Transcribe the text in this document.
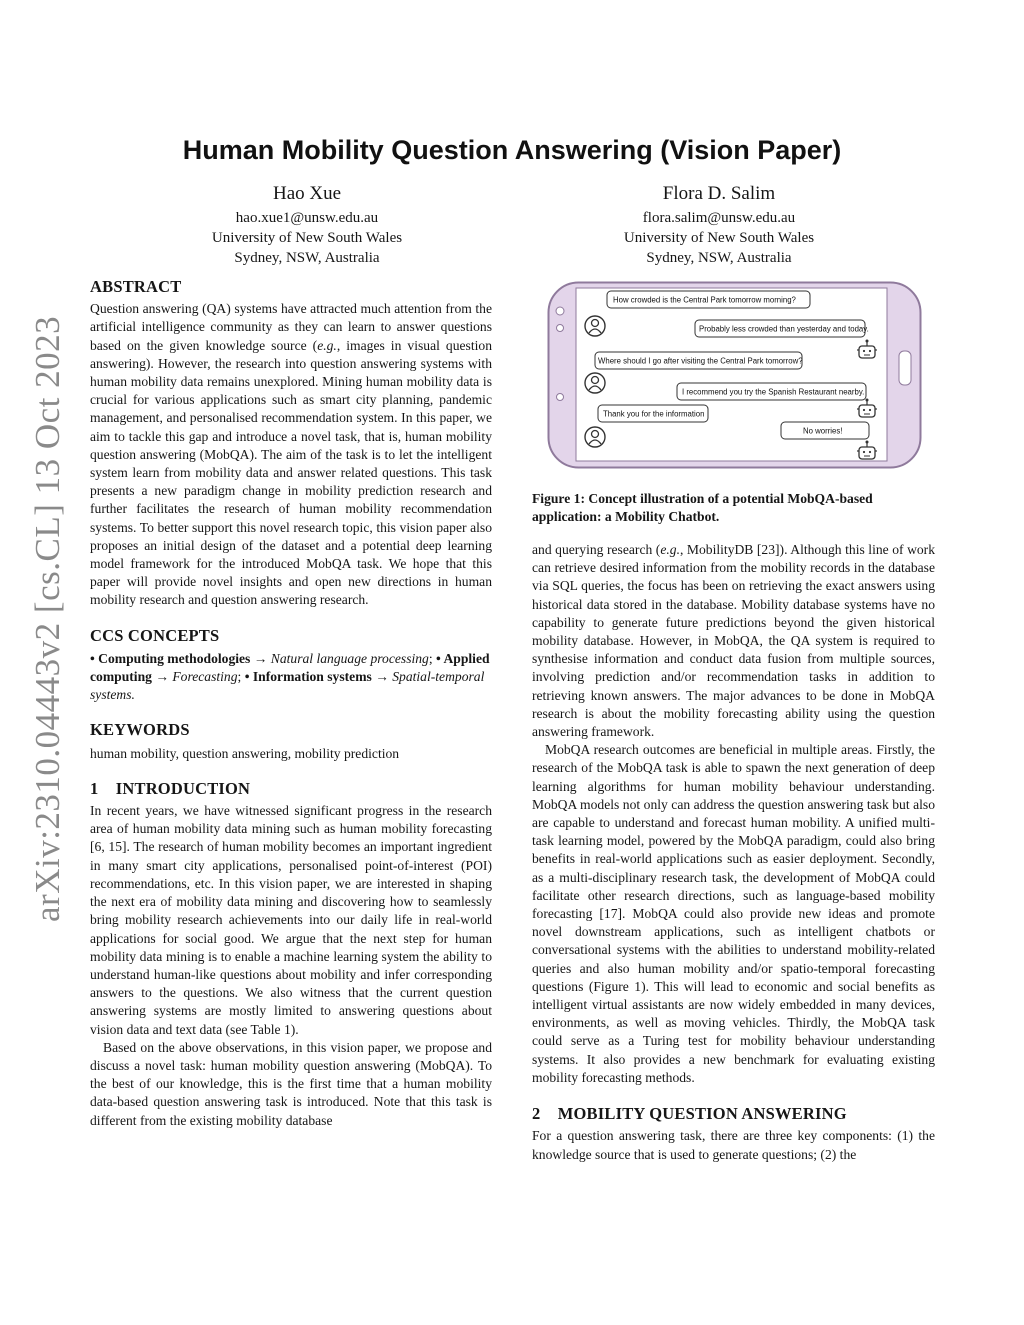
arXiv:2310.04443v2 [cs.CL] 13 Oct 2023
Human Mobility Question Answering (Vision Paper)
Hao Xue
hao.xue1@unsw.edu.au
University of New South Wales
Sydney, NSW, Australia
Flora D. Salim
flora.salim@unsw.edu.au
University of New South Wales
Sydney, NSW, Australia
ABSTRACT

Question answering (QA) systems have attracted much attention from the artificial intelligence community as they can learn to answer questions based on the given knowledge source (e.g., images in visual question answering). However, the research into question answering systems with human mobility data remains unexplored. Mining human mobility data is crucial for various applications such as smart city planning, pandemic management, and personalised recommendation system. In this paper, we aim to tackle this gap and introduce a novel task, that is, human mobility question answering (MobQA). The aim of the task is to let the intelligent system learn from mobility data and answer related questions. This task presents a new paradigm change in mobility prediction research and further facilitates the research of human mobility recommendation systems. To better support this novel research topic, this vision paper also proposes an initial design of the dataset and a potential deep learning model framework for the introduced MobQA task. We hope that this paper will provide novel insights and open new directions in human mobility research and question answering research.

CCS CONCEPTS

• Computing methodologies → Natural language processing; • Applied computing → Forecasting; • Information systems → Spatial-temporal systems.

KEYWORDS

human mobility, question answering, mobility prediction

1    INTRODUCTION

In recent years, we have witnessed significant progress in the research area of human mobility data mining such as human mobility forecasting [6, 15]. The research of human mobility becomes an important ingredient in many smart city applications, personalised point-of-interest (POI) recommendations, etc. In this vision paper, we are interested in shaping the next era of mobility data mining and discovering how to seamlessly bring mobility research achievements into our daily life in real-world applications for social good. We argue that the next step for human mobility data mining is to enable a machine learning system the ability to understand human-like questions about mobility and infer corresponding answers to the questions. We also witness that the current question answering systems are mostly limited to answering questions about vision data and text data (see Table 1).

Based on the above observations, in this vision paper, we propose and discuss a novel task: human mobility question answering (MobQA). To the best of our knowledge, this is the first time that a human mobility data-based question answering task is introduced. Note that this task is different from the existing mobility database

How crowded is the Central Park tomorrow morning?
Probably less crowded than yesterday and today.
Where should I go after visiting the Central Park tomorrow?
I recommend you try the Spanish Restaurant nearby.
Thank you for the information
No worries!
Figure 1: Concept illustration of a potential MobQA-based application: a Mobility Chatbot.

and querying research (e.g., MobilityDB [23]). Although this line of work can retrieve desired information from the mobility records in the database via SQL queries, the focus has been on retrieving the exact answers using historical data stored in the database. Mobility database systems have no capability to generate future predictions beyond the given historical mobility database. However, in MobQA, the QA system is required to synthesise information and conduct data fusion from multiple sources, involving prediction and/or recommendation tasks in addition to retrieving known answers. The major advances to be done in MobQA research is about the mobility forecasting ability using the question answering framework.

MobQA research outcomes are beneficial in multiple areas. Firstly, the research of the MobQA task is able to spawn the next generation of deep learning algorithms for human mobility behaviour understanding. MobQA models not only can address the question answering task but also are capable to understand and forecast human mobility. A unified multi-task learning model, powered by the MobQA paradigm, could also bring benefits in real-world applications such as easier deployment. Secondly, as a multi-disciplinary research task, the development of MobQA could facilitate other research directions, such as language-based mobility forecasting [17]. MobQA could also provide new ideas and promote novel downstream applications, such as intelligent chatbots or conversational systems with the abilities to understand mobility-related queries and also human mobility and/or spatio-temporal forecasting questions (Figure 1). This will lead to economic and social benefits as intelligent virtual assistants are now widely embedded in many devices, environments, as well as moving vehicles. Thirdly, the MobQA task could serve as a Turing test for mobility behaviour understanding systems. It also provides a new benchmark for evaluating existing mobility forecasting methods.

2    MOBILITY QUESTION ANSWERING

For a question answering task, there are three key components: (1) the knowledge source that is used to generate questions; (2) the
